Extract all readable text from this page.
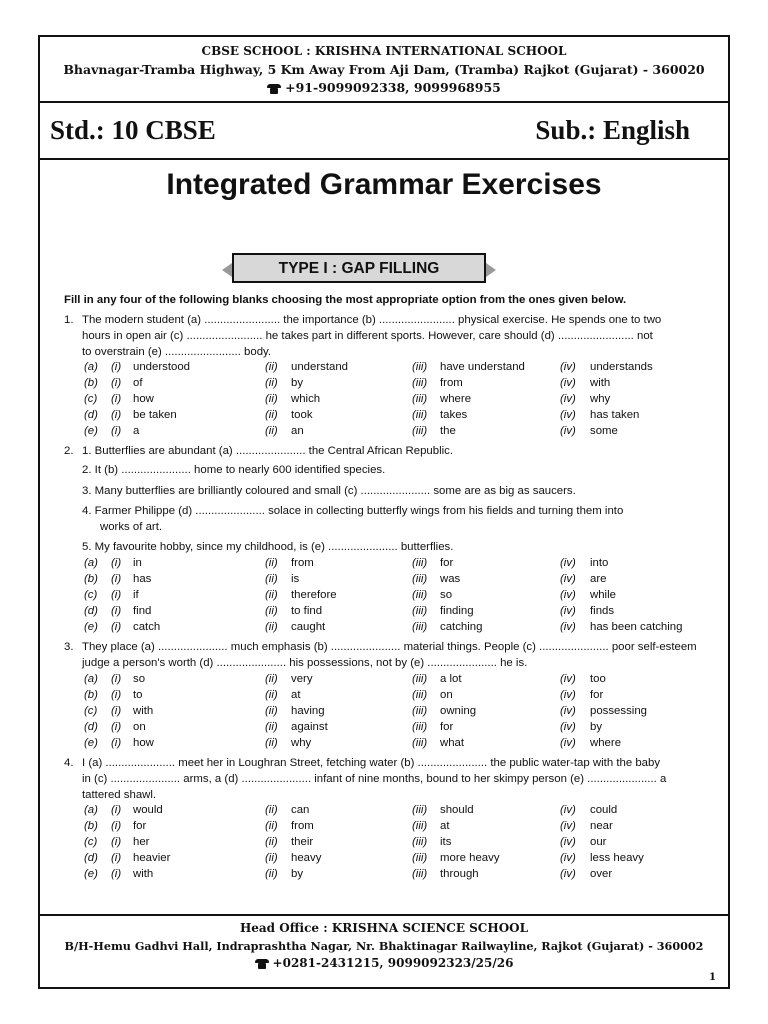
CBSE SCHOOL : KRISHNA INTERNATIONAL SCHOOL
Bhavnagar-Tramba Highway, 5 Km Away From Aji Dam, (Tramba) Rajkot (Gujarat) - 360020
+91-9099092338, 9099968955
Std.: 10 CBSE	Sub.: English
Integrated Grammar Exercises
TYPE I : GAP FILLING
Fill in any four of the following blanks choosing the most appropriate option from the ones given below.
1. The modern student (a) ........................ the importance (b) ........................ physical exercise. He spends one to two
hours in open air (c) ........................ he takes part in different sports. However, care should (d) ........................ not
to overstrain (e) ........................ body.
(a) (i) understood	(ii) understand	(iii) have understand	(iv) understands
(b) (i) of	(ii) by	(iii) from	(iv) with
(c) (i) how	(ii) which	(iii) where	(iv) why
(d) (i) be taken	(ii) took	(iii) takes	(iv) has taken
(e) (i) a	(ii) an	(iii) the	(iv) some
2. 1. Butterflies are abundant (a) ...................... the Central African Republic.
2. It (b) ...................... home to nearly 600 identified species.
3. Many butterflies are brilliantly coloured and small (c) ...................... some are as big as saucers.
4. Farmer Philippe (d) ...................... solace in collecting butterfly wings from his fields and turning them into
works of art.
5. My favourite hobby, since my childhood, is (e) ...................... butterflies.
(a) (i) in	(ii) from	(iii) for	(iv) into
(b) (i) has	(ii) is	(iii) was	(iv) are
(c) (i) if	(ii) therefore	(iii) so	(iv) while
(d) (i) find	(ii) to find	(iii) finding	(iv) finds
(e) (i) catch	(ii) caught	(iii) catching	(iv) has been catching
3. They place (a) ...................... much emphasis (b) ...................... material things. People (c) ...................... poor self-esteem
judge a person's worth (d) ...................... his possessions, not by (e) ...................... he is.
(a) (i) so	(ii) very	(iii) a lot	(iv) too
(b) (i) to	(ii) at	(iii) on	(iv) for
(c) (i) with	(ii) having	(iii) owning	(iv) possessing
(d) (i) on	(ii) against	(iii) for	(iv) by
(e) (i) how	(ii) why	(iii) what	(iv) where
4. I (a) ...................... meet her in Loughran Street, fetching water (b) ...................... the public water-tap with the baby
in (c) ...................... arms, a (d) ...................... infant of nine months, bound to her skimpy person (e) ...................... a
tattered shawl.
(a) (i) would	(ii) can	(iii) should	(iv) could
(b) (i) for	(ii) from	(iii) at	(iv) near
(c) (i) her	(ii) their	(iii) its	(iv) our
(d) (i) heavier	(ii) heavy	(iii) more heavy	(iv) less heavy
(e) (i) with	(ii) by	(iii) through	(iv) over
Head Office : KRISHNA SCIENCE SCHOOL
B/H-Hemu Gadhvi Hall, Indraprashtha Nagar, Nr. Bhaktinagar Railwayline, Rajkot (Gujarat) - 360002
+0281-2431215, 9099092323/25/26
1
